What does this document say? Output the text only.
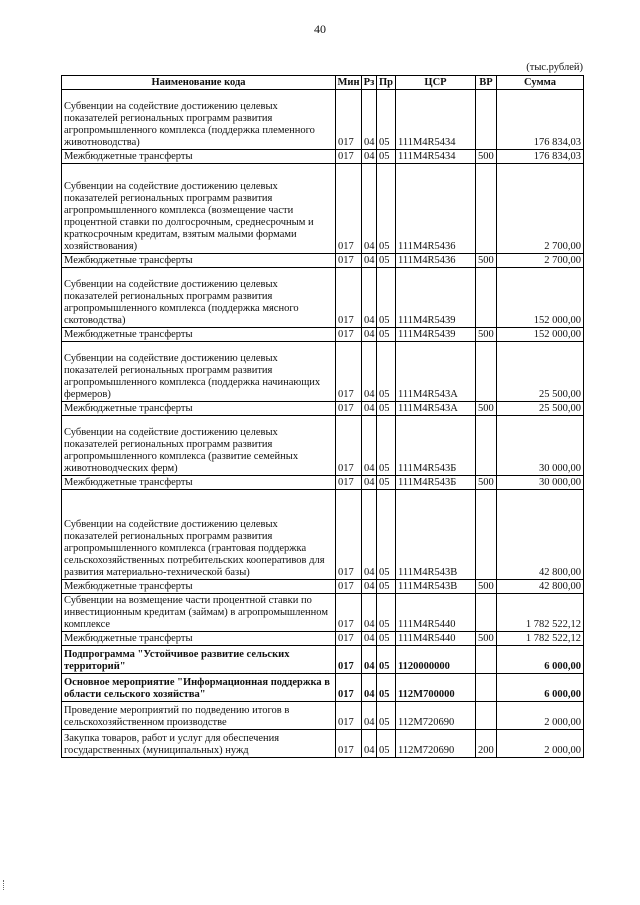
40
(тыс.рублей)
Наименование кода	Мин	Рз	Пр	ЦСР	ВР	Сумма
Субвенции на содействие достижению целевых показателей региональных программ развития агропромышленного комплекса (поддержка племенного животноводства)	017	04	05	111M4R5434		176 834,03
Межбюджетные трансферты	017	04	05	111M4R5434	500	176 834,03
Субвенции на содействие достижению целевых показателей региональных программ развития агропромышленного комплекса (возмещение части процентной ставки по долгосрочным, среднесрочным и краткосрочным кредитам, взятым малыми формами хозяйствования)	017	04	05	111M4R5436		2 700,00
Межбюджетные трансферты	017	04	05	111M4R5436	500	2 700,00
Субвенции на содействие достижению целевых показателей региональных программ развития агропромышленного комплекса (поддержка мясного скотоводства)	017	04	05	111M4R5439		152 000,00
Межбюджетные трансферты	017	04	05	111M4R5439	500	152 000,00
Субвенции на содействие достижению целевых показателей региональных программ развития агропромышленного комплекса (поддержка начинающих фермеров)	017	04	05	111M4R543A		25 500,00
Межбюджетные трансферты	017	04	05	111M4R543A	500	25 500,00
Субвенции на содействие достижению целевых показателей региональных программ развития агропромышленного комплекса (развитие семейных животноводческих ферм)	017	04	05	111M4R543Б		30 000,00
Межбюджетные трансферты	017	04	05	111M4R543Б	500	30 000,00
Субвенции на содействие достижению целевых показателей региональных программ развития агропромышленного комплекса (грантовая поддержка сельскохозяйственных потребительских кооперативов для развития материально-технической базы)	017	04	05	111M4R543B		42 800,00
Межбюджетные трансферты	017	04	05	111M4R543B	500	42 800,00
Субвенции на возмещение части процентной ставки по инвестиционным кредитам (займам) в агропромышленном комплексе	017	04	05	111M4R5440		1 782 522,12
Межбюджетные трансферты	017	04	05	111M4R5440	500	1 782 522,12
Подпрограмма "Устойчивое развитие сельских территорий"	017	04	05	1120000000		6 000,00
Основное мероприятие "Информационная поддержка в области сельского хозяйства"	017	04	05	112M700000		6 000,00
Проведение мероприятий по подведению итогов в сельскохозяйственном производстве	017	04	05	112M720690		2 000,00
Закупка товаров, работ и услуг для обеспечения государственных (муниципальных) нужд	017	04	05	112M720690	200	2 000,00
